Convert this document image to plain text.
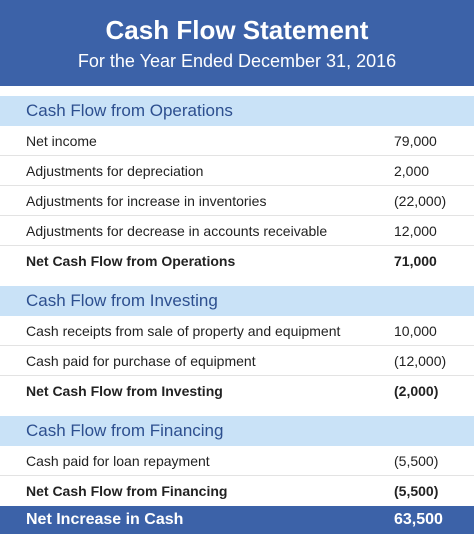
Cash Flow Statement
For the Year Ended December 31, 2016
Cash Flow from Operations
Net income	79,000
Adjustments for depreciation	2,000
Adjustments for increase in inventories	(22,000)
Adjustments for decrease in accounts receivable	12,000
Net Cash Flow from Operations	71,000
Cash Flow from Investing
Cash receipts from sale of property and equipment	10,000
Cash paid for purchase of equipment	(12,000)
Net Cash Flow from Investing	(2,000)
Cash Flow from Financing
Cash paid for loan repayment	(5,500)
Net Cash Flow from Financing	(5,500)
Net Increase in Cash	63,500
